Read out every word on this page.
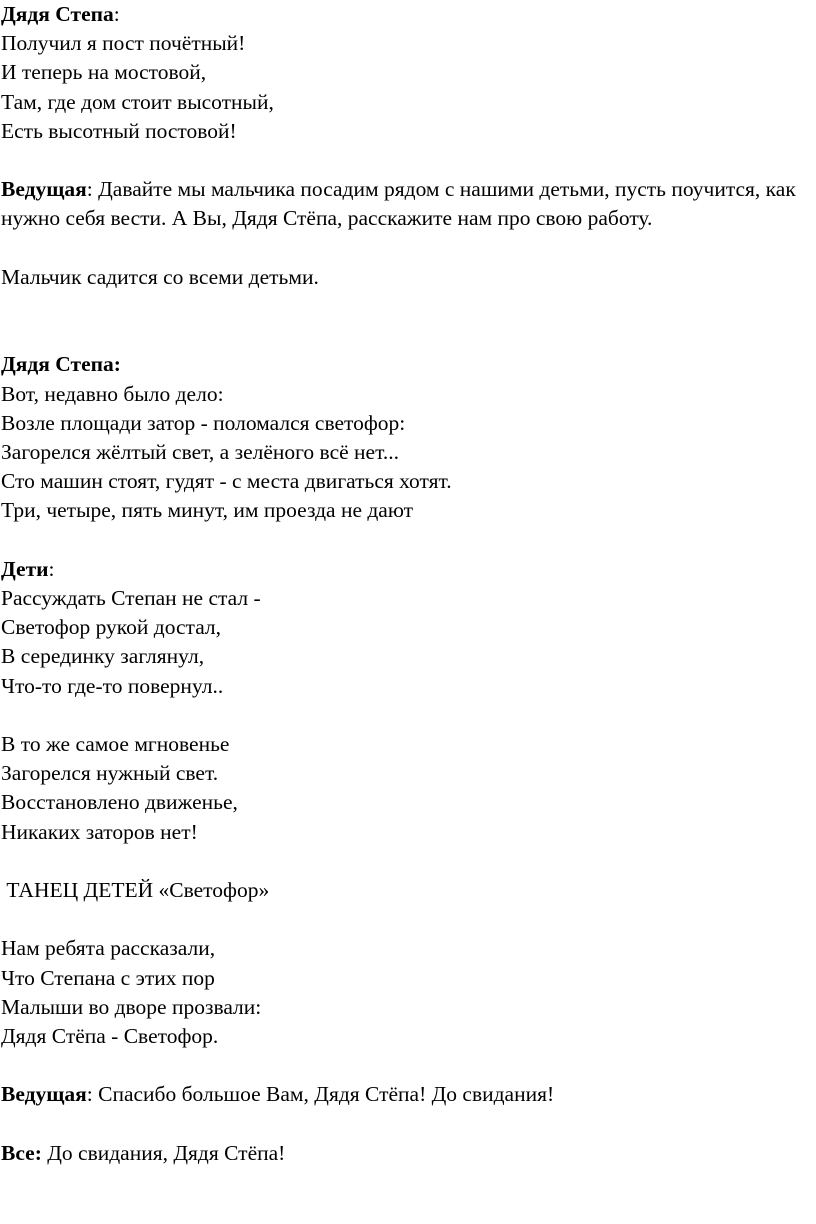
Дядя Степа:
Получил я пост почётный!
И теперь на мостовой,
Там, где дом стоит высотный,
Есть высотный постовой!
Ведущая: Давайте мы мальчика посадим рядом с нашими детьми, пусть поучится, как нужно себя вести. А Вы, Дядя Стёпа, расскажите нам про свою работу.
Мальчик садится со всеми детьми.
Дядя Степа:
Вот, недавно было дело:
Возле площади затор - поломался светофор:
Загорелся жёлтый свет, а зелёного всё нет...
Сто машин стоят, гудят - с места двигаться хотят.
Три, четыре, пять минут, им проезда не дают
Дети:
Рассуждать Степан не стал -
Светофор рукой достал,
В серединку заглянул,
Что-то где-то повернул..
В то же самое мгновенье
Загорелся нужный свет.
Восстановлено движенье,
Никаких заторов нет!
ТАНЕЦ ДЕТЕЙ «Светофор»
Нам ребята рассказали,
Что Степана с этих пор
Малыши во дворе прозвали:
Дядя Стёпа - Светофор.
Ведущая: Спасибо большое Вам, Дядя Стёпа! До свидания!
Все: До свидания, Дядя Стёпа!
